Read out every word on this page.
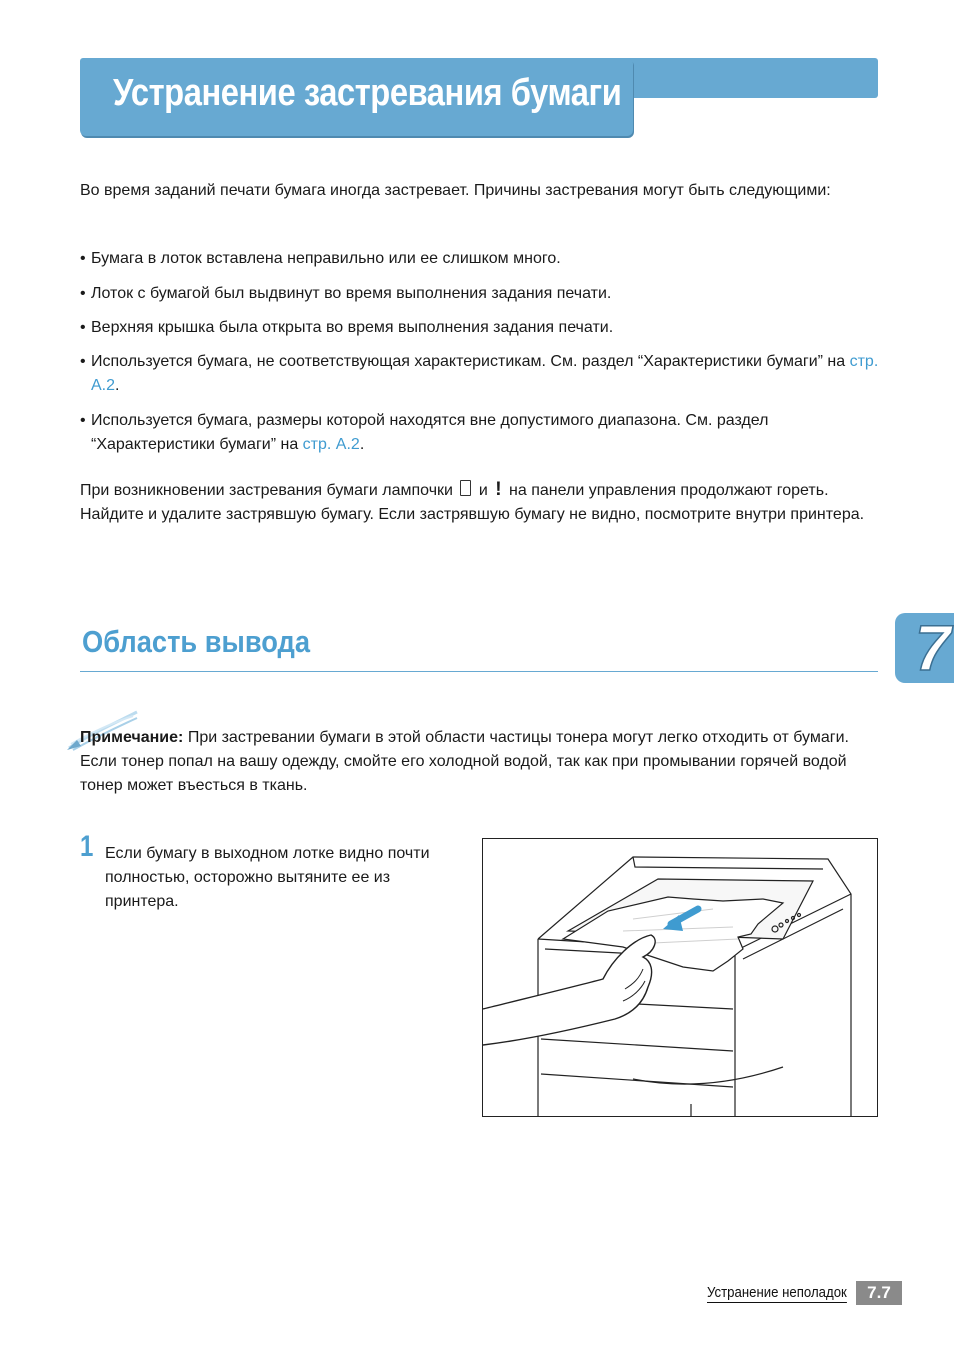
Устранение застревания бумаги

Во время заданий печати бумага иногда застревает. Причины застревания могут быть следующими:

• Бумага в лоток вставлена неправильно или ее слишком много.
• Лоток с бумагой был выдвинут во время выполнения задания печати.
• Верхняя крышка была открыта во время выполнения задания печати.
• Используется бумага, не соответствующая характеристикам. См. раздел “Характеристики бумаги” на стр. A.2.
• Используется бумага, размеры которой находятся вне допустимого диапазона. См. раздел “Характеристики бумаги” на стр. A.2.

При возникновении застревания бумаги лампочки и ! на панели управления продолжают гореть. Найдите и удалите застрявшую бумагу. Если застрявшую бумагу не видно, посмотрите внутри принтера.

Область вывода	7

Примечание: При застревании бумаги в этой области частицы тонера могут легко отходить от бумаги. Если тонер попал на вашу одежду, смойте его холодной водой, так как при промывании горячей водой тонер может въесться в ткань.

1 Если бумагу в выходном лотке видно почти полностью, осторожно вытяните ее из принтера.

Устранение неполадок	7.7
